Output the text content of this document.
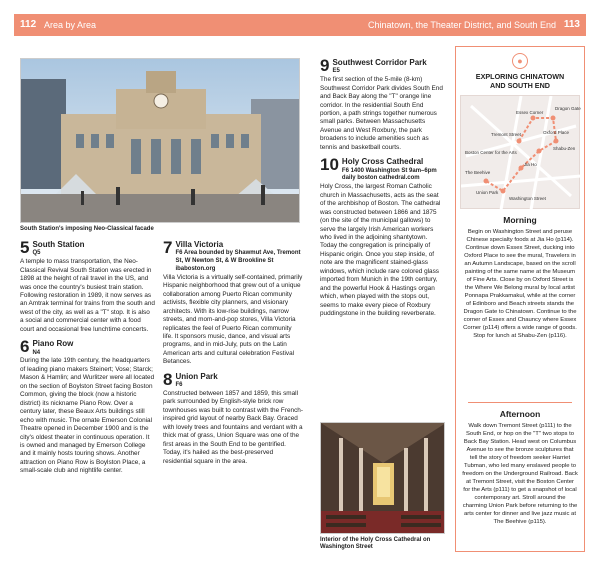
112 Area by Area	Chinatown, the Theater District, and South End 113
South Station's imposing Neo-Classical facade
5 South Station
Q5
A temple to mass transportation, the Neo-Classical Revival South Station was erected in 1898 at the height of rail travel in the US, and was once the country's busiest train station. Following restoration in 1989, it now serves as an Amtrak terminal for trains from the south and west of the city, as well as a "T" stop. It is also a social and commercial center with a food court and occasional free lunchtime concerts.
6 Piano Row
N4
During the late 19th century, the headquarters of leading piano makers Steinert; Vose; Starck; Mason & Hamlin; and Wurlitzer were all located on the section of Boylston Street facing Boston Common, giving the block (now a historic district) its nickname Piano Row. Over a century later, these Beaux Arts buildings still echo with music. The ornate Emerson Colonial Theatre opened in December 1900 and is the city's oldest theater in continuous operation. It is owned and managed by Emerson College and it mainly hosts touring shows. Another attraction on Piano Row is Boylston Place, a small-scale club and nightlife center.
7 Villa Victoria
F6 Area bounded by Shawmut Ave, Tremont St, W Newton St, & W Brookline St ibaboston.org
Villa Victoria is a virtually self-contained, primarily Hispanic neighborhood that grew out of a unique collaboration among Puerto Rican community activists, flexible city planners, and visionary architects. With its low-rise buildings, narrow streets, and mom-and-pop stores, Villa Victoria replicates the feel of Puerto Rican community life. It sponsors music, dance, and visual arts programs, and in mid-July, puts on the Latin American arts and cultural celebration Festival Betances.
8 Union Park
F6
Constructed between 1857 and 1859, this small park surrounded by English-style brick row townhouses was built to contrast with the French-inspired grid layout of nearby Back Bay. Graced with lovely trees and fountains and verdant with a thick mat of grass, Union Square was one of the first areas in the South End to be gentrified. Today, it's hailed as the best-preserved residential square in the area.
9 Southwest Corridor Park
E5
The first section of the 5-mile (8-km) Southwest Corridor Park divides South End and Back Bay along the "T" orange line corridor. In the residential South End portion, a path strings together numerous small parks. Between Massachusetts Avenue and West Roxbury, the park broadens to include amenities such as tennis and basketball courts.
10 Holy Cross Cathedral
F6 1400 Washington St 9am–6pm daily boston cathedral.com
Holy Cross, the largest Roman Catholic church in Massachusetts, acts as the seat of the archbishop of Boston. The cathedral was constructed between 1866 and 1875 (on the site of the municipal gallows) to serve the largely Irish American workers who lived in the adjoining shantytown. Today the congregation is principally of Hispanic origin. Once you step inside, of note are the magnificent stained-glass windows, which include rare colored glass imported from Munich in the 19th century, and the powerful Hook & Hastings organ which, when played with the stops out, seems to make every piece of Roxbury puddingstone in the building reverberate.
Interior of the Holy Cross Cathedral on Washington Street
●
EXPLORING CHINATOWN
AND SOUTH END
Essex Corner
Dragon Gate
Tremont Street	Oxford Place
Shabu-Zen
Boston Center for the Arts
The Beehive
Jia Ho
Union Park
Washington Street
Morning
Begin on Washington Street and peruse Chinese specialty foods at Jia Ho (p114). Continue down Essex Street, ducking into Oxford Place to see the mural, Travelers in an Autumn Landscape, based on the scroll painting of the same name at the Museum of Fine Arts. Close by on Oxford Street is the Where We Belong mural by local artist Ponnapa Prakkamakul, while at the corner of Edinboro and Beach streets stands the Dragon Gate to Chinatown. Continue to the corner of Essex and Chauncy where Essex Corner (p114) offers a wide range of goods. Stop for lunch at Shabu-Zen (p116).
Afternoon
Walk down Tremont Street (p111) to the South End, or hop on the "T" two stops to Back Bay Station. Head west on Columbus Avenue to see the bronze sculptures that tell the story of freedom seeker Harriet Tubman, who led many enslaved people to freedom on the Underground Railroad. Back at Tremont Street, visit the Boston Center for the Arts (p111) to get a snapshot of local contemporary art. Stroll around the charming Union Park before returning to the arts center for dinner and live jazz music at The Beehive (p115).
